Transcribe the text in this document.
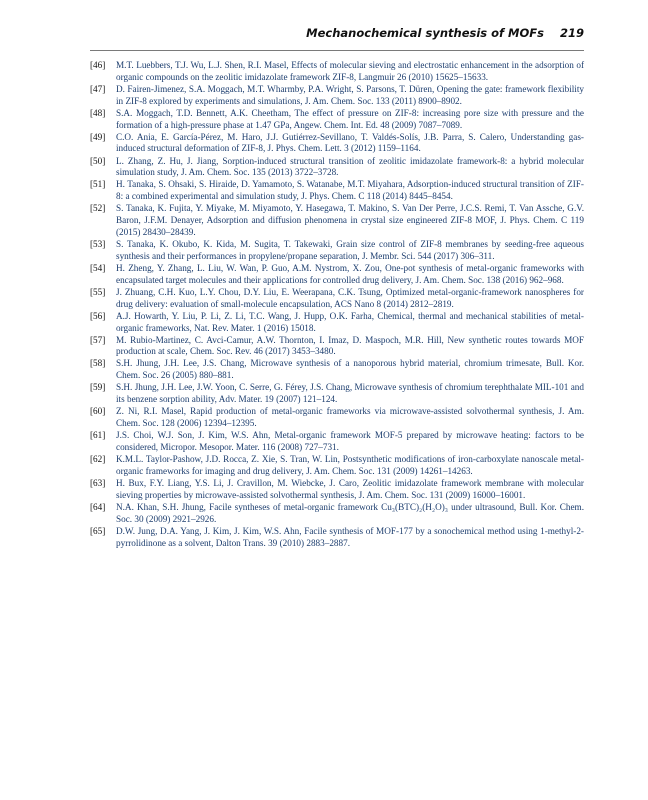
Mechanochemical synthesis of MOFs 219
[46]	M.T. Luebbers, T.J. Wu, L.J. Shen, R.I. Masel, Effects of molecular sieving and electrostatic enhancement in the adsorption of organic compounds on the zeolitic imidazolate framework ZIF-8, Langmuir 26 (2010) 15625–15633.
[47]	D. Fairen-Jimenez, S.A. Moggach, M.T. Wharmby, P.A. Wright, S. Parsons, T. Düren, Opening the gate: framework flexibility in ZIF-8 explored by experiments and simulations, J. Am. Chem. Soc. 133 (2011) 8900–8902.
[48]	S.A. Moggach, T.D. Bennett, A.K. Cheetham, The effect of pressure on ZIF-8: increasing pore size with pressure and the formation of a high-pressure phase at 1.47 GPa, Angew. Chem. Int. Ed. 48 (2009) 7087–7089.
[49]	C.O. Ania, E. García-Pérez, M. Haro, J.J. Gutiérrez-Sevillano, T. Valdés-Solís, J.B. Parra, S. Calero, Understanding gas-induced structural deformation of ZIF-8, J. Phys. Chem. Lett. 3 (2012) 1159–1164.
[50]	L. Zhang, Z. Hu, J. Jiang, Sorption-induced structural transition of zeolitic imidazolate framework-8: a hybrid molecular simulation study, J. Am. Chem. Soc. 135 (2013) 3722–3728.
[51]	H. Tanaka, S. Ohsaki, S. Hiraide, D. Yamamoto, S. Watanabe, M.T. Miyahara, Adsorption-induced structural transition of ZIF-8: a combined experimental and simulation study, J. Phys. Chem. C 118 (2014) 8445–8454.
[52]	S. Tanaka, K. Fujita, Y. Miyake, M. Miyamoto, Y. Hasegawa, T. Makino, S. Van Der Perre, J.C.S. Remi, T. Van Assche, G.V. Baron, J.F.M. Denayer, Adsorption and diffusion phenomena in crystal size engineered ZIF-8 MOF, J. Phys. Chem. C 119 (2015) 28430–28439.
[53]	S. Tanaka, K. Okubo, K. Kida, M. Sugita, T. Takewaki, Grain size control of ZIF-8 membranes by seeding-free aqueous synthesis and their performances in propylene/propane separation, J. Membr. Sci. 544 (2017) 306–311.
[54]	H. Zheng, Y. Zhang, L. Liu, W. Wan, P. Guo, A.M. Nystrom, X. Zou, One-pot synthesis of metal-organic frameworks with encapsulated target molecules and their applications for controlled drug delivery, J. Am. Chem. Soc. 138 (2016) 962–968.
[55]	J. Zhuang, C.H. Kuo, L.Y. Chou, D.Y. Liu, E. Weerapana, C.K. Tsung, Optimized metal-organic-framework nanospheres for drug delivery: evaluation of small-molecule encapsulation, ACS Nano 8 (2014) 2812–2819.
[56]	A.J. Howarth, Y. Liu, P. Li, Z. Li, T.C. Wang, J. Hupp, O.K. Farha, Chemical, thermal and mechanical stabilities of metal-organic frameworks, Nat. Rev. Mater. 1 (2016) 15018.
[57]	M. Rubio-Martinez, C. Avci-Camur, A.W. Thornton, I. Imaz, D. Maspoch, M.R. Hill, New synthetic routes towards MOF production at scale, Chem. Soc. Rev. 46 (2017) 3453–3480.
[58]	S.H. Jhung, J.H. Lee, J.S. Chang, Microwave synthesis of a nanoporous hybrid material, chromium trimesate, Bull. Kor. Chem. Soc. 26 (2005) 880–881.
[59]	S.H. Jhung, J.H. Lee, J.W. Yoon, C. Serre, G. Férey, J.S. Chang, Microwave synthesis of chromium terephthalate MIL-101 and its benzene sorption ability, Adv. Mater. 19 (2007) 121–124.
[60]	Z. Ni, R.I. Masel, Rapid production of metal-organic frameworks via microwave-assisted solvothermal synthesis, J. Am. Chem. Soc. 128 (2006) 12394–12395.
[61]	J.S. Choi, W.J. Son, J. Kim, W.S. Ahn, Metal-organic framework MOF-5 prepared by microwave heating: factors to be considered, Micropor. Mesopor. Mater. 116 (2008) 727–731.
[62]	K.M.L. Taylor-Pashow, J.D. Rocca, Z. Xie, S. Tran, W. Lin, Postsynthetic modifications of iron-carboxylate nanoscale metal-organic frameworks for imaging and drug delivery, J. Am. Chem. Soc. 131 (2009) 14261–14263.
[63]	H. Bux, F.Y. Liang, Y.S. Li, J. Cravillon, M. Wiebcke, J. Caro, Zeolitic imidazolate framework membrane with molecular sieving properties by microwave-assisted solvothermal synthesis, J. Am. Chem. Soc. 131 (2009) 16000–16001.
[64]	N.A. Khan, S.H. Jhung, Facile syntheses of metal-organic framework Cu₃(BTC)₂(H₂O)₃ under ultrasound, Bull. Kor. Chem. Soc. 30 (2009) 2921–2926.
[65]	D.W. Jung, D.A. Yang, J. Kim, J. Kim, W.S. Ahn, Facile synthesis of MOF-177 by a sonochemical method using 1-methyl-2-pyrrolidinone as a solvent, Dalton Trans. 39 (2010) 2883–2887.
